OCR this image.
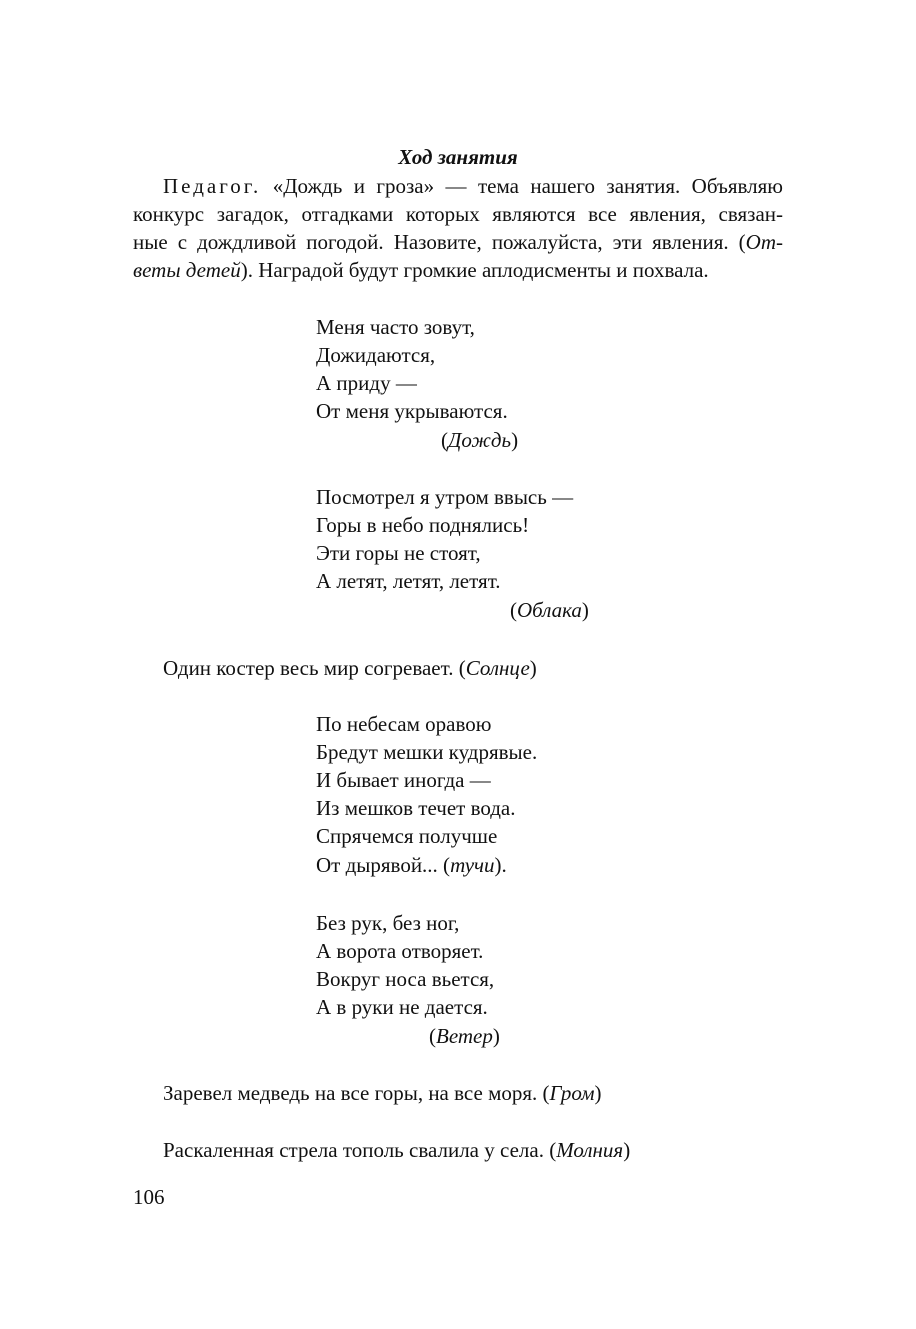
Ход занятия
Педагог. «Дождь и гроза» — тема нашего занятия. Объявляю
конкурс загадок, отгадками которых являются все явления, связан-
ные с дождливой погодой. Назовите, пожалуйста, эти явления. (От-
веты детей). Наградой будут громкие аплодисменты и похвала.
Меня часто зовут,
Дожидаются,
А приду —
От меня укрываются.
(Дождь)
Посмотрел я утром ввысь —
Горы в небо поднялись!
Эти горы не стоят,
А летят, летят, летят.
(Облака)
Один костер весь мир согревает. (Солнце)
По небесам оравою
Бредут мешки кудрявые.
И бывает иногда —
Из мешков течет вода.
Спрячемся получше
От дырявой... (тучи).
Без рук, без ног,
А ворота отворяет.
Вокруг носа вьется,
А в руки не дается.
(Ветер)
Заревел медведь на все горы, на все моря. (Гром)
Раскаленная стрела тополь свалила у села. (Молния)
106
